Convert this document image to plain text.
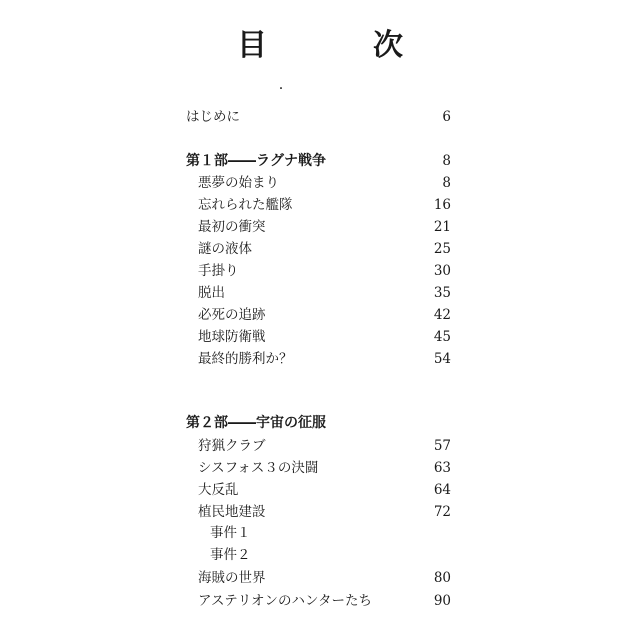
目　次
・
はじめに	6
第１部――ラグナ戦争	8
悪夢の始まり	8
忘れられた艦隊	16
最初の衝突	21
謎の液体	25
手掛り	30
脱出	35
必死の追跡	42
地球防衛戦	45
最終的勝利か？	54
第２部――宇宙の征服
狩猟クラブ	57
シスフォス３の決闘	63
大反乱	64
植民地建設	72
事件１
事件２
海賊の世界	80
アステリオンのハンターたち	90
